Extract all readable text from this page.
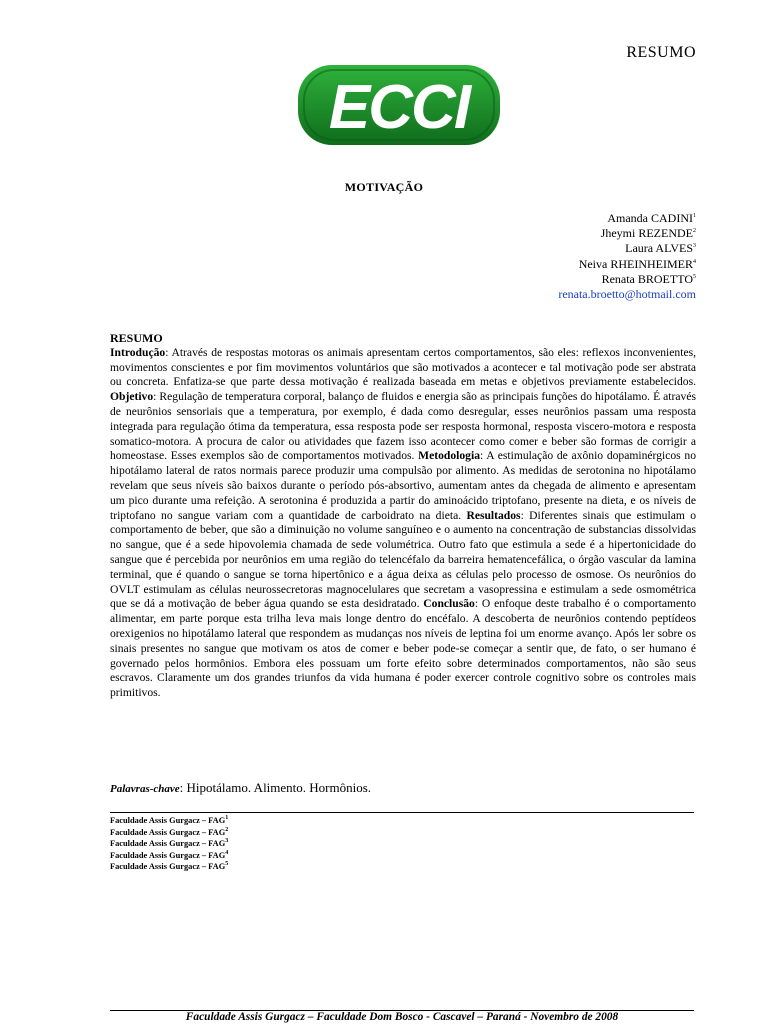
RESUMO
ECCI
MOTIVAÇÃO
Amanda CADINI$^1$
Jheymi REZENDE$^2$
Laura ALVES$^3$
Neiva RHEINHEIMER$^4$
Renata BROETTO$^5$
renata.broetto@hotmail.com

RESUMO

Introdução: Através de respostas motoras os animais apresentam certos comportamentos, são eles: reflexos inconvenientes, movimentos conscientes e por fim movimentos voluntários que são motivados a acontecer e tal motivação pode ser abstrata ou concreta. Enfatiza-se que parte dessa motivação é realizada baseada em metas e objetivos previamente estabelecidos. Objetivo: Regulação de temperatura corporal, balanço de fluidos e energia são as principais funções do hipotálamo. É através de neurônios sensoriais que a temperatura, por exemplo, é dada como desregular, esses neurônios passam uma resposta integrada para regulação ótima da temperatura, essa resposta pode ser resposta hormonal, resposta viscero-motora e resposta somatico-motora. A procura de calor ou atividades que fazem isso acontecer como comer e beber são formas de corrigir a homeostase. Esses exemplos são de comportamentos motivados. Metodologia: A estimulação de axônio dopaminérgicos no hipotálamo lateral de ratos normais parece produzir uma compulsão por alimento. As medidas de serotonina no hipotálamo revelam que seus níveis são baixos durante o período pós-absortivo, aumentam antes da chegada de alimento e apresentam um pico durante uma refeição. A serotonina é produzida a partir do aminoácido triptofano, presente na dieta, e os níveis de triptofano no sangue variam com a quantidade de carboidrato na dieta. Resultados: Diferentes sinais que estimulam o comportamento de beber, que são a diminuição no volume sanguíneo e o aumento na concentração de substancias dissolvidas no sangue, que é a sede hipovolemia chamada de sede volumétrica. Outro fato que estimula a sede é a hipertonicidade do sangue que é percebida por neurônios em uma região do telencéfalo da barreira hematencefálica, o órgão vascular da lamina terminal, que é quando o sangue se torna hipertônico e a água deixa as células pelo processo de osmose. Os neurônios do OVLT estimulam as células neurossecretoras magnocelulares que secretam a vasopressina e estimulam a sede osmométrica que se dá a motivação de beber água quando se esta desidratado. Conclusão: O enfoque deste trabalho é o comportamento alimentar, em parte porque esta trilha leva mais longe dentro do encéfalo. A descoberta de neurônios contendo peptídeos orexigenios no hipotálamo lateral que respondem as mudanças nos níveis de leptina foi um enorme avanço. Após ler sobre os sinais presentes no sangue que motivam os atos de comer e beber pode-se começar a sentir que, de fato, o ser humano é governado pelos hormônios. Embora eles possuam um forte efeito sobre determinados comportamentos, não são seus escravos. Claramente um dos grandes triunfos da vida humana é poder exercer controle cognitivo sobre os controles mais primitivos.

Palavras-chave: Hipotálamo. Alimento. Hormônios.
Faculdade Assis Gurgacz – FAG$^1$
Faculdade Assis Gurgacz – FAG$^2$
Faculdade Assis Gurgacz – FAG$^3$
Faculdade Assis Gurgacz – FAG$^4$
Faculdade Assis Gurgacz – FAG$^5$
Faculdade Assis Gurgacz – Faculdade Dom Bosco - Cascavel – Paraná - Novembro de 2008
